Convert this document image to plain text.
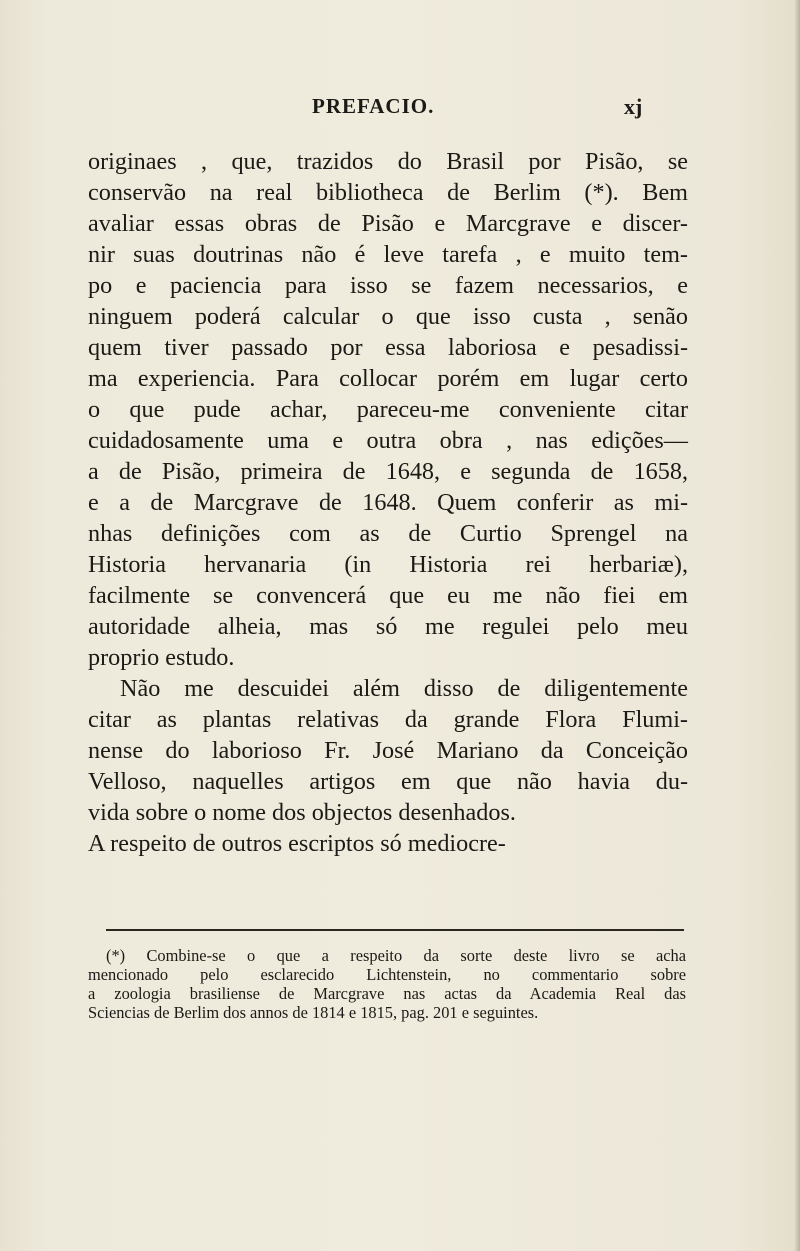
PREFACIO.	xj
originaes , que, trazidos do Brasil por Pisão, se
conservão na real bibliotheca de Berlim (*). Bem
avaliar essas obras de Pisão e Marcgrave e discer-
nir suas doutrinas não é leve tarefa , e muito tem-
po e paciencia para isso se fazem necessarios, e
ninguem poderá calcular o que isso custa , senão
quem tiver passado por essa laboriosa e pesadissi-
ma experiencia. Para collocar porém em lugar certo
o que pude achar, pareceu-me conveniente citar
cuidadosamente uma e outra obra , nas edições—
a de Pisão, primeira de 1648, e segunda de 1658,
e a de Marcgrave de 1648. Quem conferir as mi-
nhas definições com as de Curtio Sprengel na
Historia hervanaria (in Historia rei herbariæ),
facilmente se convencerá que eu me não fiei em
autoridade alheia, mas só me regulei pelo meu
proprio estudo.
Não me descuidei além disso de diligentemente
citar as plantas relativas da grande Flora Flumi-
nense do laborioso Fr. José Mariano da Conceição
Velloso, naquelles artigos em que não havia du-
vida sobre o nome dos objectos desenhados.
A respeito de outros escriptos só mediocre-
(*) Combine-se o que a respeito da sorte deste livro se acha
mencionado pelo esclarecido Lichtenstein, no commentario sobre
a zoologia brasiliense de Marcgrave nas actas da Academia Real das
Sciencias de Berlim dos annos de 1814 e 1815, pag. 201 e seguintes.
